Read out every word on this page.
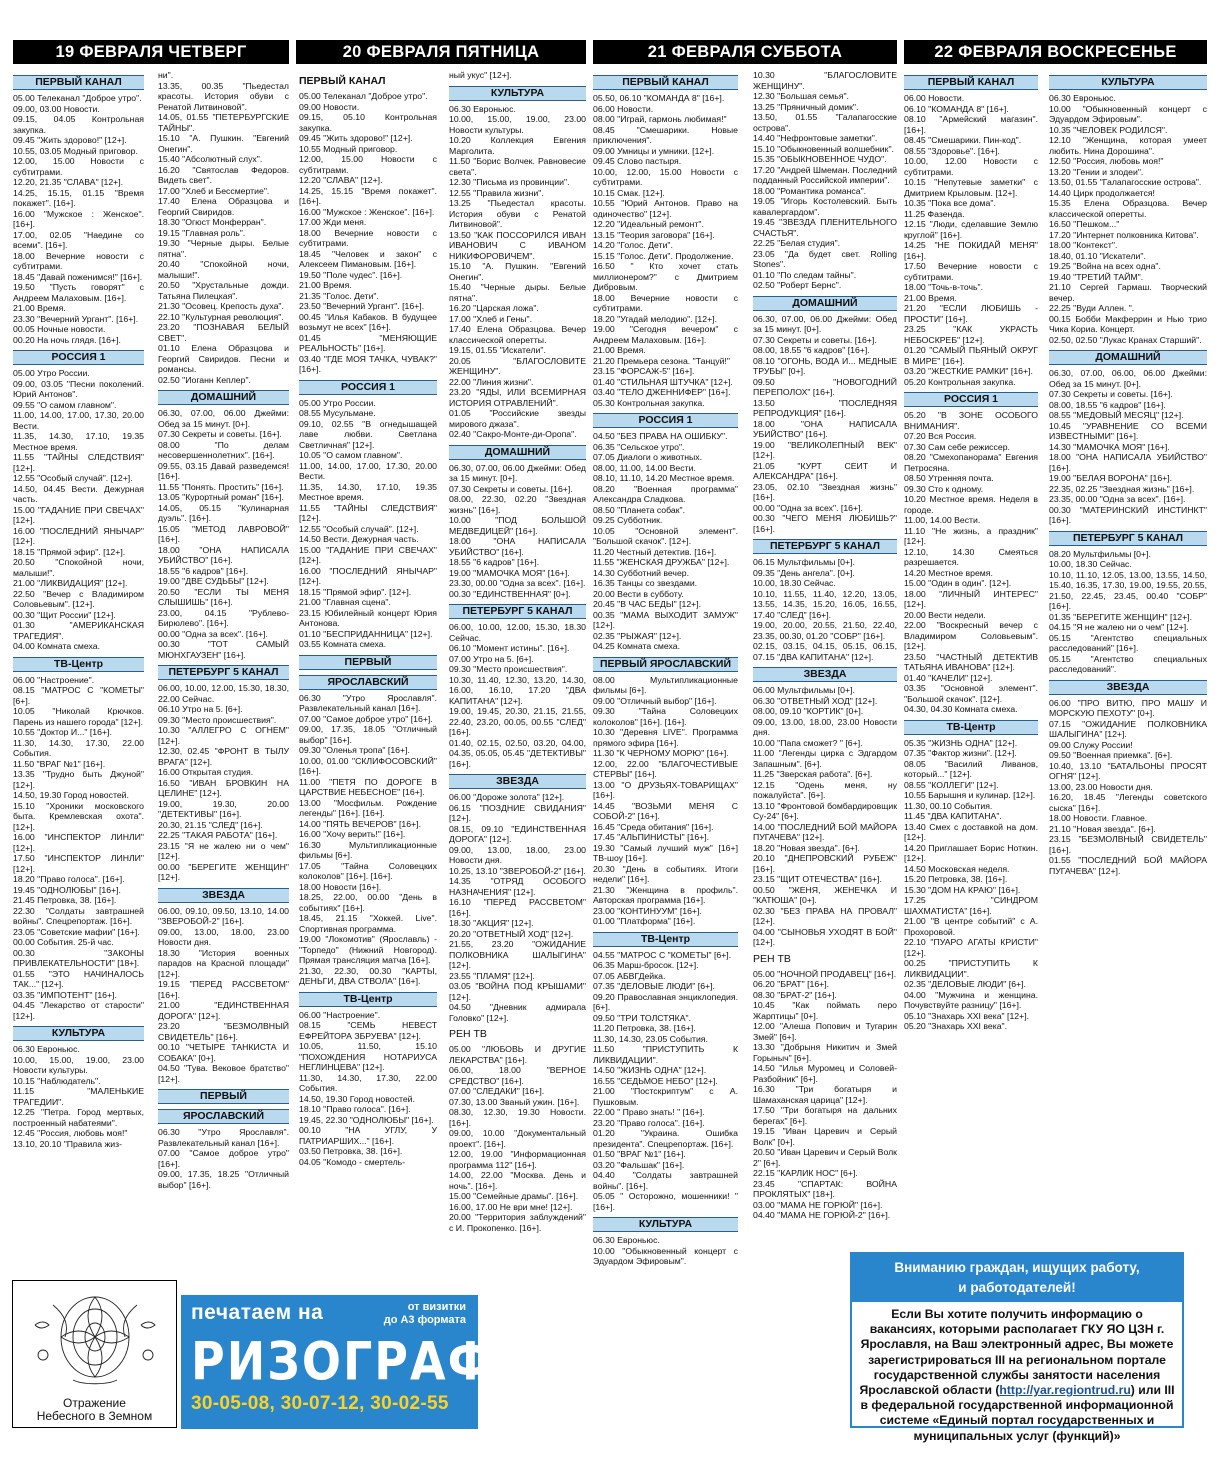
19 ФЕВРАЛЯ ЧЕТВЕРГ	20 ФЕВРАЛЯ ПЯТНИЦА	21 ФЕВРАЛЯ СУББОТА	22 ФЕВРАЛЯ ВОСКРЕСЕНЬЕ
ПЕРВЫЙ КАНАЛ
05.00 Телеканал "Доброе утро".
09.00, 03.00 Новости.
09.15, 04.05 Контрольная закупка.
09.45 "Жить здорово!" [12+].
10.55, 03.05 Модный приговор.
12.00, 15.00 Новости с субтитрами.
12.20, 21.35 "СЛАВА" [12+].
14.25, 15.15, 01.15 "Время покажет". [16+].
16.00 "Мужское : Женское". [16+].
17.00, 02.05 "Наедине со всеми". [16+].
18.00 Вечерние новости с субтитрами.
18.45 "Давай поженимся!" [16+].
19.50 "Пусть говорят" с Андреем Малаховым. [16+].
21.00 Время.
23.30 "Вечерний Ургант". [16+].
00.05 Ночные новости.
00.20 На ночь глядя. [16+].
РОССИЯ 1
05.00 Утро России.
09.00, 03.05 "Песни поколений. Юрий Антонов".
09.55 "О самом главном".
11.00, 14.00, 17.00, 17.30, 20.00 Вести.
11.35, 14.30, 17.10, 19.35 Местное время.
11.55 "ТАЙНЫ СЛЕДСТВИЯ" [12+].
12.55 "Особый случай". [12+].
14.50, 04.45 Вести. Дежурная часть.
15.00 "ГАДАНИЕ ПРИ СВЕЧАХ" [12+].
16.00 "ПОСЛЕДНИЙ ЯНЫЧАР" [12+].
18.15 "Прямой эфир". [12+].
20.50 "Спокойной ночи, малыши!".
21.00 "ЛИКВИДАЦИЯ" [12+].
22.50 "Вечер с Владимиром Соловьевым". [12+].
00.30 "Щит России" [12+].
01.30 "АМЕРИКАНСКАЯ ТРАГЕДИЯ".
04.00 Комната смеха.
ТВ-Центр
06.00 "Настроение".
08.15 "МАТРОС С "КОМЕТЫ" [6+].
10.05 "Николай Крючков. Парень из нашего города" [12+].
10.55 "Доктор И..." [16+].
11.30, 14.30, 17.30, 22.00 События.
11.50 "ВРАГ №1" [16+].
13.35 "Трудно быть Джуной" [12+].
14.50, 19.30 Город новостей.
15.10 "Хроники московского быта. Кремлевская охота". [12+].
16.00 "ИНСПЕКТОР ЛИНЛИ" [12+].
17.50 "ИНСПЕКТОР ЛИНЛИ" [12+].
18.20 "Право голоса". [16+].
19.45 "ОДНОЛЮБЫ" [16+].
21.45 Петровка, 38. [16+].
22.30 "Солдаты завтрашней войны". Спецрепортаж. [16+].
23.05 "Советские мафии" [16+].
00.00 События. 25-й час.
00.30 "ЗАКОНЫ ПРИВЛЕКАТЕЛЬНОСТИ" [18+].
01.55 "ЭТО НАЧИНАЛОСЬ ТАК..." [12+].
03.35 "ИМПОТЕНТ" [16+].
04.45 "Лекарство от старости" [12+].
КУЛЬТУРА
06.30 Евроньюс.
10.00, 15.00, 19.00, 23.00 Новости культуры.
10.15 "Наблюдатель".
11.15 "МАЛЕНЬКИЕ ТРАГЕДИИ".
12.25 "Петра. Город мертвых, построенный набатеями".
12.45 "Россия, любовь моя!"
13.10, 20.10 "Правила жиз-
ни".
13.35, 00.35 "Пьедестал красоты. История обуви с Ренатой Литвиновой".
14.05, 01.55 "ПЕТЕРБУРГСКИЕ ТАЙНЫ".
15.10 "А. Пушкин. "Евгений Онегин".
15.40 "Абсолютный слух".
16.20 "Святослав Федоров. Видеть свет".
17.00 "Хлеб и Бессмертие".
17.40 Елена Образцова и Георгий Свиридов.
18.30 "Огюст Монферран".
19.15 "Главная роль".
19.30 "Черные дыры. Белые пятна".
20.40 "Спокойной ночи, малыши!".
20.50 "Хрустальные дожди. Татьяна Пилецкая".
21.30 "Осовец. Крепость духа".
22.10 "Культурная революция".
23.20 "ПОЗНАВАЯ БЕЛЫЙ СВЕТ".
01.10 Елена Образцова и Георгий Свиридов. Песни и романсы.
02.50 "Иоганн Кеплер".
ДОМАШНИЙ
06.30, 07.00, 06.00 Джейми: Обед за 15 минут. [0+].
07.30 Секреты и советы. [16+].
08.00 "По делам несовершеннолетних". [16+].
09.55, 03.15 Давай разведемся! [16+].
11.55 "Понять. Простить" [16+].
13.05 "Курортный роман" [16+].
14.05, 05.15 "Кулинарная дуэль". [16+].
15.05 "МЕТОД ЛАВРОВОЙ" [16+].
18.00 "ОНА НАПИСАЛА УБИЙСТВО" [16+].
18.55 "6 кадров" [16+].
19.00 "ДВЕ СУДЬБЫ" [12+].
20.50 "ЕСЛИ ТЫ МЕНЯ СЛЫШИШЬ" [16+].
23.00, 04.15 "Рублево-Бирюлево". [16+].
00.00 "Одна за всех". [16+].
00.30 "ТОТ САМЫЙ МЮНХГАУЗЕН" [16+].
ПЕТЕРБУРГ 5 КАНАЛ
06.00, 10.00, 12.00, 15.30, 18.30, 22.00 Сейчас.
06.10 Утро на 5. [6+].
09.30 "Место происшествия".
10.30 "АЛЛЕГРО С ОГНЕМ" [12+].
12.30, 02.45 "ФРОНТ В ТЫЛУ ВРАГА" [12+].
16.00 Открытая студия.
16.50 "ИВАН БРОВКИН НА ЦЕЛИНЕ" [12+].
19.00, 19.30, 20.00 "ДЕТЕКТИВЫ" [16+].
20.30, 21.15 "СЛЕД" [16+].
22.25 "ТАКАЯ РАБОТА" [16+].
23.15 "Я не жалею ни о чем" [12+].
00.00 "БЕРЕГИТЕ ЖЕНЩИН" [12+].
ЗВЕЗДА
06.00, 09.10, 09.50, 13.10, 14.00 "ЗВЕРОБОЙ-2" [16+].
09.00, 13.00, 18.00, 23.00 Новости дня.
18.30 "История военных парадов на Красной площади" [12+].
19.15 "ПЕРЕД РАССВЕТОМ" [16+].
21.00 "ЕДИНСТВЕННАЯ ДОРОГА" [12+].
23.20 "БЕЗМОЛВНЫЙ СВИДЕТЕЛЬ" [16+].
00.10 "ЧЕТЫРЕ ТАНКИСТА И СОБАКА" [0+].
04.50 "Тува. Вековое братство" [12+].
ПЕРВЫЙ
ЯРОСЛАВСКИЙ
06.30 "Утро Ярославля". Развлекательный канал [16+].
07.00 "Самое доброе утро" [16+].
09.00, 17.35, 18.25 "Отличный выбор" [16+].
ПЕРВЫЙ КАНАЛ
05.00 Телеканал "Доброе утро".
09.00 Новости.
09.15, 05.10 Контрольная закупка.
09.45 "Жить здорово!" [12+].
10.55 Модный приговор.
12.00, 15.00 Новости с субтитрами.
12.20 "СЛАВА" [12+].
14.25, 15.15 "Время покажет". [16+].
16.00 "Мужское : Женское". [16+].
17.00 Жди меня.
18.00 Вечерние новости с субтитрами.
18.45 "Человек и закон" с Алексеем Пимановым. [16+].
19.50 "Поле чудес". [16+].
21.00 Время.
21.35 "Голос. Дети".
23.50 "Вечерний Ургант". [16+].
00.45 "Илья Кабаков. В будущее возьмут не всех" [16+].
01.45 "МЕНЯЮЩИЕ РЕАЛЬНОСТЬ" [16+].
03.40 "ГДЕ МОЯ ТАЧКА, ЧУВАК?" [16+].
РОССИЯ 1
05.00 Утро России.
08.55 Мусульмане.
09.10, 02.55 "В огнедышащей лаве любви. Светлана Светличная" [12+].
10.05 "О самом главном".
11.00, 14.00, 17.00, 17.30, 20.00 Вести.
11.35, 14.30, 17.10, 19.35 Местное время.
11.55 "ТАЙНЫ СЛЕДСТВИЯ" [12+].
12.55 "Особый случай". [12+].
14.50 Вести. Дежурная часть.
15.00 "ГАДАНИЕ ПРИ СВЕЧАХ" [12+].
16.00 "ПОСЛЕДНИЙ ЯНЫЧАР" [12+].
18.15 "Прямой эфир". [12+].
21.00 "Главная сцена".
23.15 Юбилейный концерт Юрия Антонова.
01.10 "БЕСПРИДАННИЦА" [12+].
03.55 Комната смеха.
ПЕРВЫЙ
ЯРОСЛАВСКИЙ
06.30 "Утро Ярославля". Развлекательный канал [16+].
07.00 "Самое доброе утро" [16+].
09.00, 17.35, 18.05 "Отличный выбор" [16+].
09.30 "Оленья тропа" [16+].
10.00, 01.00 "СКЛИФОСОВСКИЙ" [16+].
11.00 "ПЕТЯ ПО ДОРОГЕ В ЦАРСТВИЕ НЕБЕСНОЕ" [16+].
13.00 "Мосфильм. Рождение легенды" [16+]. [16+].
14.00 "ПЯТЬ ВЕЧЕРОВ" [16+].
16.00 "Хочу верить!" [16+].
16.30 Мультипликационные фильмы [6+].
17.05 "Тайна Соловецких колоколов" [16+]. [16+].
18.00 Новости [16+].
18.25, 22.00, 00.00 "День в событиях" [16+].
18.45, 21.15 "Хоккей. Live". Спортивная программа.
19.00 "Локомотив" (Ярославль) - "Торпедо" (Нижний Новгород). Прямая трансляция матча [16+].
21.30, 22.30, 00.30 "КАРТЫ, ДЕНЬГИ, ДВА СТВОЛА" [16+].
ТВ-Центр
06.00 "Настроение".
08.15 "СЕМЬ НЕВЕСТ ЕФРЕЙТОРА ЗБРУЕВА" [12+].
10.05, 11.50, 15.10 "ПОХОЖДЕНИЯ НОТАРИУСА НЕГЛИНЦЕВА" [12+].
11.30, 14.30, 17.30, 22.00 События.
14.50, 19.30 Город новостей.
18.10 "Право голоса". [16+].
19.45, 22.30 "ОДНОЛЮБЫ" [16+].
00.10 "НА УГЛУ, У ПАТРИАРШИХ..." [16+].
03.50 Петровка, 38. [16+].
04.05 "Комодо - смертель-
ный укус" [12+].
КУЛЬТУРА
06.30 Евроньюс.
10.00, 15.00, 19.00, 23.00 Новости культуры.
10.20 Коллекция Евгения Марголита.
11.50 "Борис Волчек. Равновесие света".
12.30 "Письма из провинции".
12.55 "Правила жизни".
13.25 "Пьедестал красоты. История обуви с Ренатой Литвиновой".
13.50 "КАК ПОССОРИЛСЯ ИВАН ИВАНОВИЧ С ИВАНОМ НИКИФОРОВИЧЕМ".
15.10 "А. Пушкин. "Евгений Онегин".
15.40 "Черные дыры. Белые пятна".
16.20 "Царская ложа".
17.00 "Хлеб и Гены".
17.40 Елена Образцова. Вечер классической оперетты.
19.15, 01.55 "Искатели".
20.05 "БЛАГОСЛОВИТЕ ЖЕНЩИНУ".
22.00 "Линия жизни".
23.20 "ЯДЫ, ИЛИ ВСЕМИРНАЯ ИСТОРИЯ ОТРАВЛЕНИЙ".
01.05 "Российские звезды мирового джаза".
02.40 "Сакро-Монте-ди-Оропа".
ДОМАШНИЙ
06.30, 07.00, 06.00 Джейми: Обед за 15 минут. [0+].
07.30 Секреты и советы. [16+].
08.00, 22.30, 02.20 "Звездная жизнь" [16+].
10.00 "ПОД БОЛЬШОЙ МЕДВЕДИЦЕЙ" [16+].
18.00 "ОНА НАПИСАЛА УБИЙСТВО" [16+].
18.55 "6 кадров" [16+].
19.00 "МАМОЧКА МОЯ" [16+].
23.30, 00.00 "Одна за всех". [16+].
00.30 "ЕДИНСТВЕННАЯ" [0+].
ПЕТЕРБУРГ 5 КАНАЛ
06.00, 10.00, 12.00, 15.30, 18.30 Сейчас.
06.10 "Момент истины". [16+].
07.00 Утро на 5. [6+].
09.30 "Место происшествия".
10.30, 11.40, 12.30, 13.20, 14.30, 16.00, 16.10, 17.20 "ДВА КАПИТАНА" [12+].
19.00, 19.45, 20.30, 21.15, 21.55, 22.40, 23.20, 00.05, 00.55 "СЛЕД" [16+].
01.40, 02.15, 02.50, 03.20, 04.00, 04.35, 05.05, 05.45 "ДЕТЕКТИВЫ" [16+].
ЗВЕЗДА
06.00 "Дороже золота" [12+].
06.15 "ПОЗДНИЕ СВИДАНИЯ" [12+].
08.15, 09.10 "ЕДИНСТВЕННАЯ ДОРОГА" [12+].
09.00, 13.00, 18.00, 23.00 Новости дня.
10.25, 13.10 "ЗВЕРОБОЙ-2" [16+].
14.35 "ОТРЯД ОСОБОГО НАЗНАЧЕНИЯ" [12+].
16.10 "ПЕРЕД РАССВЕТОМ" [16+].
18.30 "АКЦИЯ" [12+].
20.20 "ОТВЕТНЫЙ ХОД" [12+].
21.55, 23.20 "ОЖИДАНИЕ ПОЛКОВНИКА ШАЛЫГИНА" [12+].
23.55 "ПЛАМЯ" [12+].
03.05 "ВОЙНА ПОД КРЫШАМИ" [12+].
04.50 "Дневник адмирала Головко" [12+].
РЕН ТВ
05.00 "ЛЮБОВЬ И ДРУГИЕ ЛЕКАРСТВА" [16+].
06.00, 18.00 "ВЕРНОЕ СРЕДСТВО" [16+].
07.00 "СЛЕДАКИ" [16+].
07.30, 13.00 Званый ужин. [16+].
08.30, 12.30, 19.30 Новости. [16+].
09.00, 10.00 "Документальный проект". [16+].
12.00, 19.00 "Информационная программа 112" [16+].
14.00, 22.00 "Москва. День и ночь". [16+].
15.00 "Семейные драмы". [16+].
16.00, 17.00 Не ври мне! [12+].
20.00 "Территория заблуждений" с И. Прокопенко. [16+].
ПЕРВЫЙ КАНАЛ
05.50, 06.10 "КОМАНДА 8" [16+].
06.00 Новости.
08.00 "Играй, гармонь любимая!"
08.45 "Смешарики. Новые приключения".
09.00 Умницы и умники. [12+].
09.45 Слово пастыря.
10.00, 12.00, 15.00 Новости с субтитрами.
10.15 Смак. [12+].
10.55 "Юрий Антонов. Право на одиночество" [12+].
12.20 "Идеальный ремонт".
13.15 "Теория заговора" [16+].
14.20 "Голос. Дети".
15.15 "Голос. Дети". Продолжение.
16.50 " Кто хочет стать миллионером?" с Дмитрием Дибровым.
18.00 Вечерние новости с субтитрами.
18.20 "Угадай мелодию". [12+].
19.00 "Сегодня вечером" с Андреем Малаховым. [16+].
21.00 Время.
21.20 Премьера сезона. "Танцуй!"
23.15 "ФОРСАЖ-5" [16+].
01.40 "СТИЛЬНАЯ ШТУЧКА" [12+].
03.40 "ТЕЛО ДЖЕННИФЕР" [16+].
05.30 Контрольная закупка.
РОССИЯ 1
04.50 "БЕЗ ПРАВА НА ОШИБКУ".
06.35 "Сельское утро".
07.05 Диалоги о животных.
08.00, 11.00, 14.00 Вести.
08.10, 11.10, 14.20 Местное время.
08.20 "Военная программа" Александра Сладкова.
08.50 "Планета собак".
09.25 Субботник.
10.05 "Основной элемент". "Большой скачок". [12+].
11.20 Честный детектив. [16+].
11.55 "ЖЕНСКАЯ ДРУЖБА" [12+].
14.30 Субботний вечер.
16.35 Танцы со звездами.
20.00 Вести в субботу.
20.45 "В ЧАС БЕДЫ" [12+].
00.35 "МАМА ВЫХОДИТ ЗАМУЖ" [12+].
02.35 "РЫЖАЯ" [12+].
04.25 Комната смеха.
ПЕРВЫЙ ЯРОСЛАВСКИЙ
08.00 Мультипликационные фильмы [6+].
09.00 "Отличный выбор" [16+].
09.30 "Тайна Соловецких колоколов" [16+]. [16+].
10.30 "Деревня LIVE". Программа прямого эфира [16+].
11.30 "К ЧЕРНОМУ МОРЮ" [16+].
12.00, 22.00 "БЛАГОЧЕСТИВЫЕ СТЕРВЫ" [16+].
13.00 "О ДРУЗЬЯХ-ТОВАРИЩАХ" [16+].
14.45 "ВОЗЬМИ МЕНЯ С СОБОЙ-2" [16+].
16.45 "Среда обитания" [16+].
17.45 "АЛЬПИНИСТЫ" [16+].
19.30 "Самый лучший муж" [16+] ТВ-шоу [16+].
20.30 "День в событиях. Итоги недели" [16+].
21.30 "Женщина в профиль". Авторская программа [16+].
23.00 "КОНТИНУУМ" [16+].
01.00 "Платформа" [16+].
ТВ-Центр
04.55 "МАТРОС С "КОМЕТЫ" [6+].
06.35 Марш-бросок. [12+].
07.05 АБВГДейка.
07.35 "ДЕЛОВЫЕ ЛЮДИ" [6+].
09.20 Православная энциклопедия. [6+].
09.50 "ТРИ ТОЛСТЯКА".
11.20 Петровка, 38. [16+].
11.30, 14.30, 23.05 События.
11.50 "ПРИСТУПИТЬ К ЛИКВИДАЦИИ".
14.50 "ЖИЗНЬ ОДНА" [12+].
16.55 "СЕДЬМОЕ НЕБО" [12+].
21.00 "Постскриптум" с А. Пушковым.
22.00 " Право знать! " [16+].
23.20 "Право голоса". [16+].
01.20 "Украина. Ошибка президента". Спецрепортаж. [16+].
01.50 "ВРАГ №1" [16+].
03.20 "Фальшак" [16+].
04.40 "Солдаты завтрашней войны". [16+].
05.05 " Осторожно, мошенники! " [16+].
КУЛЬТУРА
06.30 Евроньюс.
10.00 "Обыкновенный концерт с Эдуардом Эфировым".
10.30 "БЛАГОСЛОВИТЕ ЖЕНЩИНУ".
12.30 "Большая семья".
13.25 "Пряничный домик".
13.50, 01.55 "Галапагосские острова".
14.40 "Нефронтовые заметки".
15.10 "Обыкновенный волшебник".
15.35 "ОБЫКНОВЕННОЕ ЧУДО".
17.20 "Андрей Шмеман. Последний подданный Российской империи".
18.00 "Романтика романса".
19.05 "Игорь Костолевский. Быть кавалергардом".
19.45 "ЗВЕЗДА ПЛЕНИТЕЛЬНОГО СЧАСТЬЯ".
22.25 "Белая студия".
23.05 "Да будет свет. Rolling Stones".
01.10 "По следам тайны".
02.50 "Роберт Бернс".
ДОМАШНИЙ
06.30, 07.00, 06.00 Джейми: Обед за 15 минут. [0+].
07.30 Секреты и советы. [16+].
08.00, 18.55 "6 кадров" [16+].
08.10 "ОГОНЬ, ВОДА И... МЕДНЫЕ ТРУБЫ" [0+].
09.50 "НОВОГОДНИЙ ПЕРЕПОЛОХ" [16+].
13.50 "ПОСЛЕДНЯЯ РЕПРОДУКЦИЯ" [16+].
18.00 "ОНА НАПИСАЛА УБИЙСТВО" [16+].
19.00 "ВЕЛИКОЛЕПНЫЙ ВЕК" [12+].
21.05 "КУРТ СЕИТ И АЛЕКСАНДРА" [16+].
23.05, 02.10 "Звездная жизнь" [16+].
00.00 "Одна за всех". [16+].
00.30 "ЧЕГО МЕНЯ ЛЮБИШЬ?" [16+].
ПЕТЕРБУРГ 5 КАНАЛ
06.15 Мультфильмы [0+].
09.35 "День ангела". [0+].
10.00, 18.30 Сейчас.
10.10, 11.55, 11.40, 12.20, 13.05, 13.55, 14.35, 15.20, 16.05, 16.55, 17.40 "СЛЕД" [16+].
19.00, 20.00, 20.55, 21.50, 22.40, 23.35, 00.30, 01.20 "СОБР" [16+].
02.15, 03.15, 04.15, 05.15, 06.15, 07.15 "ДВА КАПИТАНА" [12+].
ЗВЕЗДА
06.00 Мультфильмы [0+].
06.30 "ОТВЕТНЫЙ ХОД" [12+].
08.00, 09.10 "КОРТИК" [0+].
09.00, 13.00, 18.00, 23.00 Новости дня.
10.00 "Папа сможет? " [6+].
11.00 "Легенды цирка с Эдгардом Запашным". [6+].
11.25 "Зверская работа". [6+].
12.15 "Одень меня, ну пожалуйста". [6+].
13.10 "Фронтовой бомбардировщик Су-24" [6+].
14.00 "ПОСЛЕДНИЙ БОЙ МАЙОРА ПУГАЧЕВА" [12+].
18.20 "Новая звезда". [6+].
20.10 "ДНЕПРОВСКИЙ РУБЕЖ" [16+].
23.15 "ЩИТ ОТЕЧЕСТВА" [16+].
00.50 "ЖЕНЯ, ЖЕНЕЧКА И "КАТЮША" [0+].
02.30 "БЕЗ ПРАВА НА ПРОВАЛ" [12+].
04.00 "СЫНОВЬЯ УХОДЯТ В БОЙ" [12+].
РЕН ТВ
05.00 "НОЧНОЙ ПРОДАВЕЦ" [16+].
06.20 "БРАТ" [16+].
08.30 "БРАТ-2" [16+].
10.45 "Как поймать перо Жарптицы" [0+].
12.00 "Алеша Попович и Тугарин Змей" [6+].
13.30 "Добрыня Никитич и Змей Горыныч" [6+].
14.50 "Илья Муромец и Соловей-Разбойник" [6+].
16.30 "Три богатыря и Шамаханская царица" [12+].
17.50 "Три богатыря на дальних берегах" [6+].
19.15 "Иван Царевич и Серый Волк" [0+].
20.50 "Иван Царевич и Серый Волк 2" [6+].
22.15 "КАРЛИК НОС" [6+].
23.45 "СПАРТАК: ВОЙНА ПРОКЛЯТЫХ" [18+].
03.00 "МАМА НЕ ГОРЮЙ" [16+].
04.40 "МАМА НЕ ГОРЮЙ-2" [16+].
ПЕРВЫЙ КАНАЛ
06.00 Новости.
06.10 "КОМАНДА 8" [16+].
08.10 "Армейский магазин". [16+].
08.45 "Смешарики. Пин-код".
08.55 "Здоровье". [16+].
10.00, 12.00 Новости с субтитрами.
10.15 "Непутевые заметки" с Дмитрием Крыловым. [12+].
10.35 "Пока все дома".
11.25 Фазенда.
12.15 "Люди, сделавшие Землю круглой" [16+].
14.25 "НЕ ПОКИДАЙ МЕНЯ" [16+].
17.50 Вечерние новости с субтитрами.
18.00 "Точь-в-точь".
21.00 Время.
21.20 "ЕСЛИ ЛЮБИШЬ - ПРОСТИ" [16+].
23.25 "КАК УКРАСТЬ НЕБОСКРЕБ" [12+].
01.20 "САМЫЙ ПЬЯНЫЙ ОКРУГ В МИРЕ" [16+].
03.20 "ЖЕСТКИЕ РАМКИ" [16+].
05.20 Контрольная закупка.
РОССИЯ 1
05.20 "В ЗОНЕ ОСОБОГО ВНИМАНИЯ".
07.20 Вся Россия.
07.30 Сам себе режиссер.
08.20 "Смехопанорама" Евгения Петросяна.
08.50 Утренняя почта.
09.30 Сто к одному.
10.20 Местное время. Неделя в городе.
11.00, 14.00 Вести.
11.10 "Не жизнь, а праздник" [12+].
12.10, 14.30 Смеяться разрешается.
14.20 Местное время.
15.00 "Один в один". [12+].
18.00 "ЛИЧНЫЙ ИНТЕРЕС" [12+].
20.00 Вести недели.
22.00 "Воскресный вечер с Владимиром Соловьевым". [12+].
23.50 "ЧАСТНЫЙ ДЕТЕКТИВ ТАТЬЯНА ИВАНОВА" [12+].
01.40 "КАЧЕЛИ" [12+].
03.35 "Основной элемент". "Большой скачок". [12+].
04.30, 04.30 Комната смеха.
ТВ-Центр
05.35 "ЖИЗНЬ ОДНА" [12+].
07.35 "Фактор жизни". [12+].
08.05 "Василий Ливанов, который..." [12+].
08.55 "КОЛЛЕГИ" [12+].
10.55 Барышня и кулинар. [12+].
11.30, 00.10 События.
11.45 "ДВА КАПИТАНА".
13.40 Смех с доставкой на дом. [12+].
14.20 Приглашает Борис Ноткин. [12+].
14.50 Московская неделя.
15.20 Петровка, 38. [16+].
15.30 "ДОМ НА КРАЮ" [16+].
17.25 "СИНДРОМ ШАХМАТИСТА" [16+].
21.00 "В центре событий" с А. Прохоровой.
22.10 "ПУАРО АГАТЫ КРИСТИ" [12+].
00.25 "ПРИСТУПИТЬ К ЛИКВИДАЦИИ".
02.35 "ДЕЛОВЫЕ ЛЮДИ" [6+].
04.00 "Мужчина и женщина. Почувствуйте разницу" [16+].
05.10 "Знахарь XXI века" [12+].
05.20 "Знахарь XXI века".
КУЛЬТУРА
06.30 Евроньюс.
10.00 "Обыкновенный концерт с Эдуардом Эфировым".
10.35 "ЧЕЛОВЕК РОДИЛСЯ".
12.10 "Женщина, которая умеет любить. Нина Дорошина".
12.50 "Россия, любовь моя!"
13.20 "Гении и злодеи".
13.50, 01.55 "Галапагосские острова".
14.40 Цирк продолжается!
15.35 Елена Образцова. Вечер классической оперетты.
16.50 "Пешком..."
17.20 "Интернет полковника Китова".
18.00 "Контекст".
18.40, 01.10 "Искатели".
19.25 "Война на всех одна".
19.40 "ТРЕТИЙ ТАЙМ".
21.10 Сергей Гармаш. Творческий вечер.
22.25 "Вуди Аллен. ".
00.15 Бобби Макферрин и Нью трио Чика Кориа. Концерт.
02.50, 02.50 "Лукас Кранах Старший".
ДОМАШНИЙ
06.30, 07.00, 06.00, 06.00 Джейми: Обед за 15 минут. [0+].
07.30 Секреты и советы. [16+].
08.00, 18.55 "6 кадров" [16+].
08.55 "МЕДОВЫЙ МЕСЯЦ" [12+].
10.45 "УРАВНЕНИЕ СО ВСЕМИ ИЗВЕСТНЫМИ" [16+].
14.30 "МАМОЧКА МОЯ" [16+].
18.00 "ОНА НАПИСАЛА УБИЙСТВО" [16+].
19.00 "БЕЛАЯ ВОРОНА" [16+].
22.35, 02.25 "Звездная жизнь" [16+].
23.35, 00.00 "Одна за всех". [16+].
00.30 "МАТЕРИНСКИЙ ИНСТИНКТ" [16+].
ПЕТЕРБУРГ 5 КАНАЛ
08.20 Мультфильмы [0+].
10.00, 18.30 Сейчас.
10.10, 11.10, 12.05, 13.00, 13.55, 14.50, 15.40, 16.35, 17.30, 19.00, 19.55, 20.55, 21.50, 22.45, 23.45, 00.40 "СОБР" [16+].
01.35 "БЕРЕГИТЕ ЖЕНЩИН" [12+].
04.15 "Я не жалею ни о чем" [12+].
05.15 "Агентство специальных расследований" [16+].
05.15 "Агентство специальных расследований".
ЗВЕЗДА
06.00 "ПРО ВИТЮ, ПРО МАШУ И МОРСКУЮ ПЕХОТУ" [0+].
07.15 "ОЖИДАНИЕ ПОЛКОВНИКА ШАЛЫГИНА" [12+].
09.00 Служу России!
09.50 "Военная приемка". [6+].
10.40, 13.10 "БАТАЛЬОНЫ ПРОСЯТ ОГНЯ" [12+].
13.00, 23.00 Новости дня.
16.20, 18.45 "Легенды советского сыска" [16+].
18.00 Новости. Главное.
21.10 "Новая звезда". [6+].
23.15 "БЕЗМОЛВНЫЙ СВИДЕТЕЛЬ" [16+].
01.55 "ПОСЛЕДНИЙ БОЙ МАЙОРА ПУГАЧЕВА" [12+].
Отражение
Небесного в Земном
печатаем на	от визитки
до А3 формата
РИЗОГРАФе
30-05-08, 30-07-12, 30-02-55
Вниманию граждан, ищущих работу,
и работодателей!
Если Вы хотите получить информацию о вакансиях, которыми располагает ГКУ ЯО ЦЗН г. Ярославля, на Ваш электронный адрес, Вы можете зарегистрироваться III на региональном портале государственной службы занятости населения Ярославской области (http://yar.regiontrud.ru) или III в федеральной государственной информационной системе «Единый портал государственных и муниципальных услуг (функций)»
